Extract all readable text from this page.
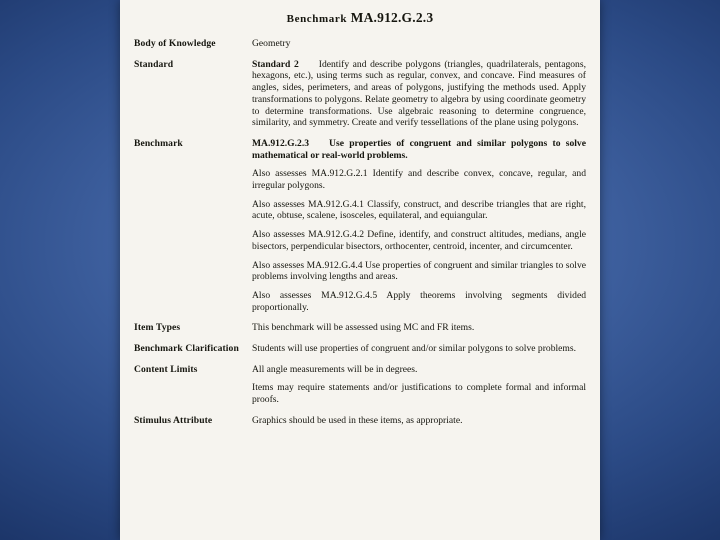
Benchmark MA.912.G.2.3
Body of Knowledge	Geometry

Standard	Standard 2 Identify and describe polygons (triangles, quadrilaterals, pentagons, hexagons, etc.), using terms such as regular, convex, and concave. Find measures of angles, sides, perimeters, and areas of polygons, justifying the methods used. Apply transformations to polygons. Relate geometry to algebra by using coordinate geometry to determine transformations. Use algebraic reasoning to determine congruence, similarity, and symmetry. Create and verify tessellations of the plane using polygons.

Benchmark	MA.912.G.2.3 Use properties of congruent and similar polygons to solve mathematical or real-world problems.
Also assesses MA.912.G.2.1 Identify and describe convex, concave, regular, and irregular polygons.
Also assesses MA.912.G.4.1 Classify, construct, and describe triangles that are right, acute, obtuse, scalene, isosceles, equilateral, and equiangular.
Also assesses MA.912.G.4.2 Define, identify, and construct altitudes, medians, angle bisectors, perpendicular bisectors, orthocenter, centroid, incenter, and circumcenter.
Also assesses MA.912.G.4.4 Use properties of congruent and similar triangles to solve problems involving lengths and areas.
Also assesses MA.912.G.4.5 Apply theorems involving segments divided proportionally.

Item Types	This benchmark will be assessed using MC and FR items.

Benchmark Clarification	Students will use properties of congruent and/or similar polygons to solve problems.

Content Limits	All angle measurements will be in degrees.
Items may require statements and/or justifications to complete formal and informal proofs.

Stimulus Attribute	Graphics should be used in these items, as appropriate.
